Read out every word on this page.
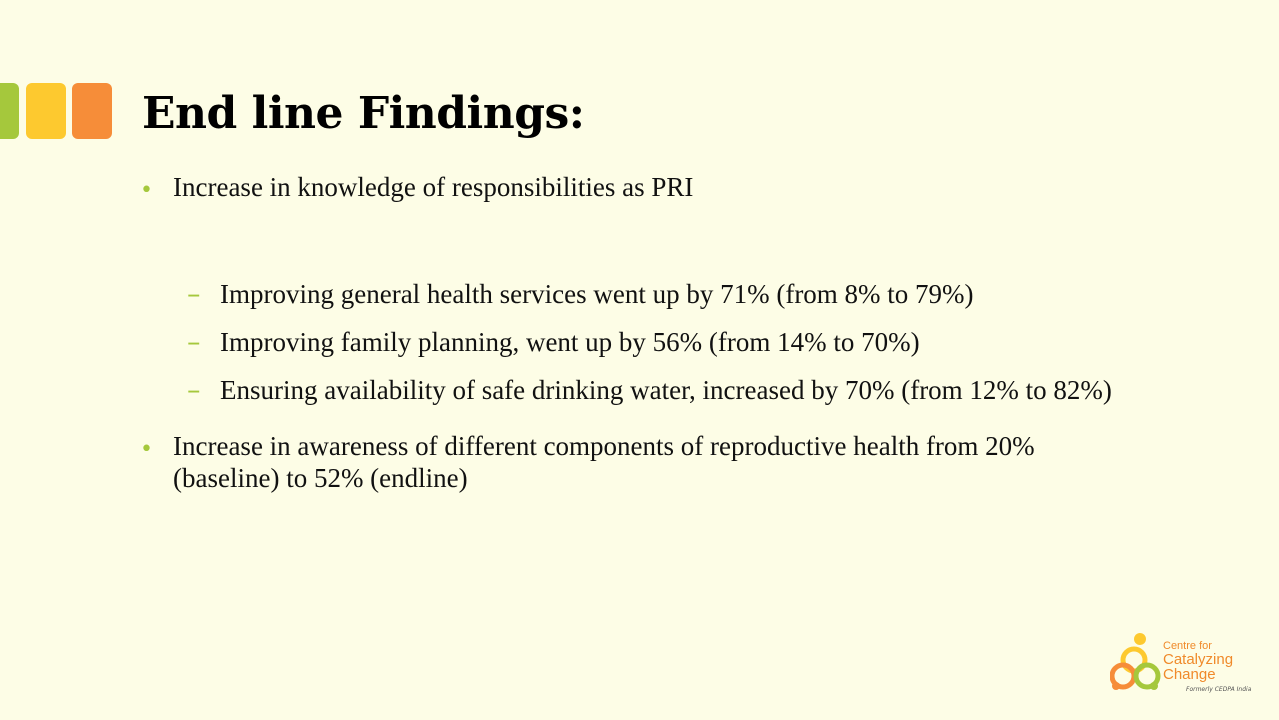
End line Findings:

• Increase in knowledge of responsibilities as PRI

– Improving general health services went up by 71% (from 8% to 79%)

– Improving family planning, went up by 56% (from 14% to 70%)

– Ensuring availability of safe drinking water, increased by 70% (from 12% to 82%)

• Increase in awareness of different components of reproductive health from 20% (baseline) to 52% (endline)

Centre for
Catalyzing
Change
Formerly CEDPA India
